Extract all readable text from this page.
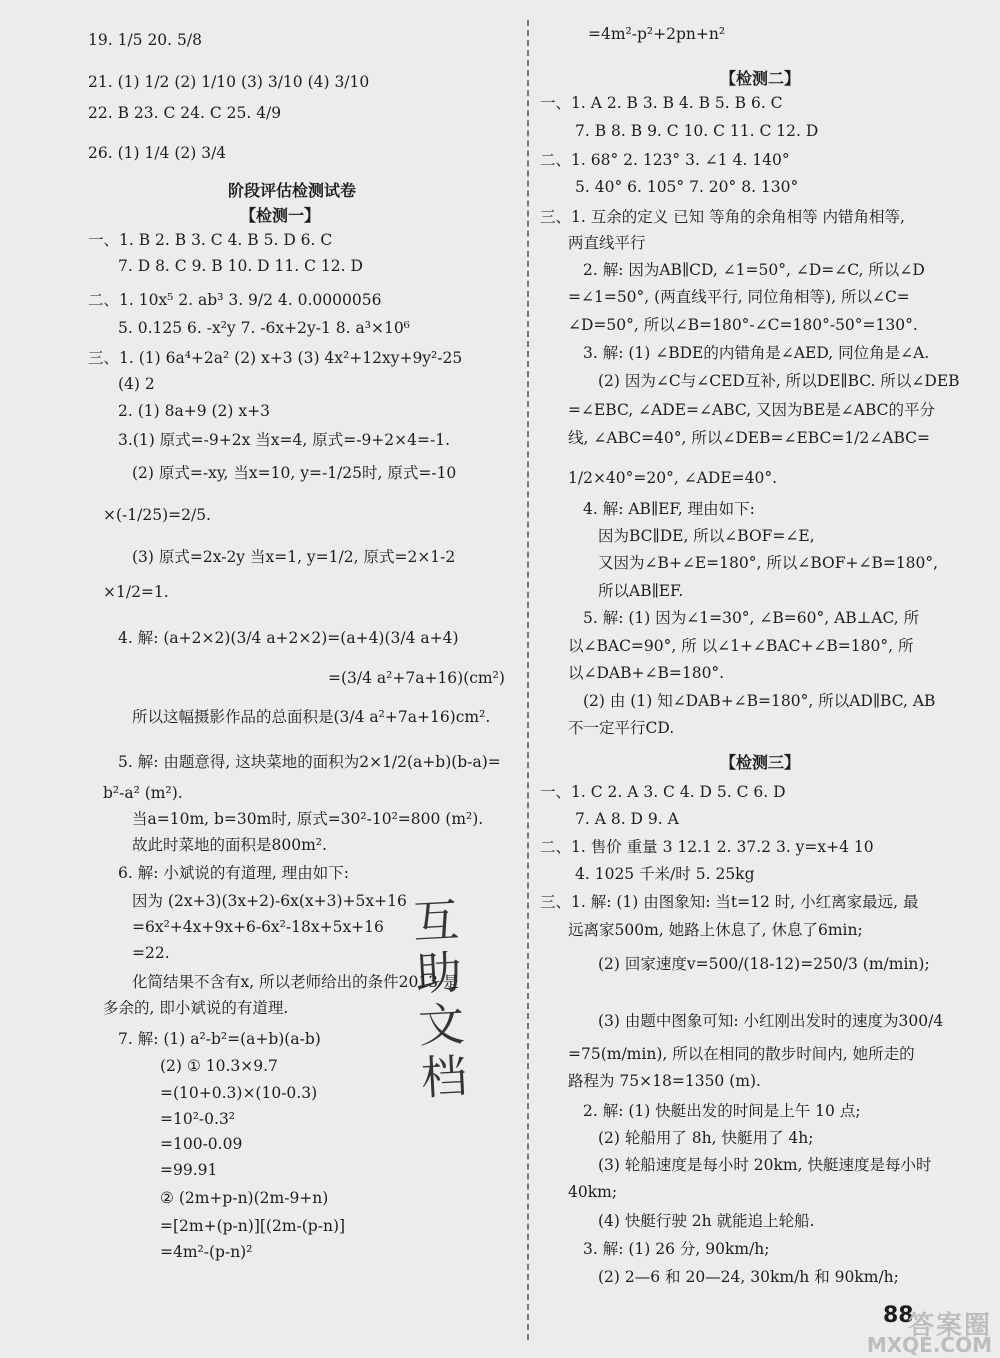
19. 1/5 20. 5/8
21. (1) 1/2 (2) 1/10 (3) 3/10 (4) 3/10
22. B 23. C 24. C 25. 4/9
26. (1) 1/4 (2) 3/4
阶段评估检测试卷
【检测一】
一、1. B 2. B 3. C 4. B 5. D 6. C
7. D 8. C 9. B 10. D 11. C 12. D
二、1. 10x⁵ 2. ab³ 3. 9/2 4. 0.0000056
5. 0.125 6. -x²y 7. -6x+2y-1 8. a³×10⁶
三、1. (1) 6a⁴+2a² (2) x+3 (3) 4x²+12xy+9y²-25
(4) 2
2. (1) 8a+9 (2) x+3
3.(1) 原式=-9+2x 当x=4, 原式=-9+2×4=-1.
(2) 原式=-xy, 当x=10, y=-1/25时, 原式=-10
×(-1/25)=2/5.
(3) 原式=2x-2y 当x=1, y=1/2, 原式=2×1-2
×1/2=1.
4. 解: (a+2×2)(3/4 a+2×2)=(a+4)(3/4 a+4)
=(3/4 a²+7a+16)(cm²)
所以这幅摄影作品的总面积是(3/4 a²+7a+16)cm².
5. 解: 由题意得, 这块菜地的面积为2×1/2(a+b)(b-a)=
b²-a² (m²).
当a=10m, b=30m时, 原式=30²-10²=800 (m²).
故此时菜地的面积是800m².
6. 解: 小斌说的有道理, 理由如下:
因为 (2x+3)(3x+2)-6x(x+3)+5x+16
=6x²+4x+9x+6-6x²-18x+5x+16
=22.
化简结果不含有x, 所以老师给出的条件2013 是
多余的, 即小斌说的有道理.
7. 解: (1) a²-b²=(a+b)(a-b)
(2) ① 10.3×9.7
=(10+0.3)×(10-0.3)
=10²-0.3²
=100-0.09
=99.91
② (2m+p-n)(2m-9+n)
=[2m+(p-n)][(2m-(p-n)]
=4m²-(p-n)²
=4m²-p²+2pn+n²
【检测二】
一、1. A 2. B 3. B 4. B 5. B 6. C
7. B 8. B 9. C 10. C 11. C 12. D
二、1. 68° 2. 123° 3. ∠1 4. 140°
5. 40° 6. 105° 7. 20° 8. 130°
三、1. 互余的定义 已知 等角的余角相等 内错角相等,
两直线平行
2. 解: 因为AB∥CD, ∠1=50°, ∠D=∠C, 所以∠D
=∠1=50°, (两直线平行, 同位角相等), 所以∠C=
∠D=50°, 所以∠B=180°-∠C=180°-50°=130°.
3. 解: (1) ∠BDE的内错角是∠AED, 同位角是∠A.
(2) 因为∠C与∠CED互补, 所以DE∥BC. 所以∠DEB
=∠EBC, ∠ADE=∠ABC, 又因为BE是∠ABC的平分
线, ∠ABC=40°, 所以∠DEB=∠EBC=1/2∠ABC=
1/2×40°=20°, ∠ADE=40°.
4. 解: AB∥EF, 理由如下:
因为BC∥DE, 所以∠BOF=∠E,
又因为∠B+∠E=180°, 所以∠BOF+∠B=180°,
所以AB∥EF.
5. 解: (1) 因为∠1=30°, ∠B=60°, AB⊥AC, 所
以∠BAC=90°, 所 以∠1+∠BAC+∠B=180°, 所
以∠DAB+∠B=180°.
(2) 由 (1) 知∠DAB+∠B=180°, 所以AD∥BC, AB
不一定平行CD.
【检测三】
一、1. C 2. A 3. C 4. D 5. C 6. D
7. A 8. D 9. A
二、1. 售价 重量 3 12.1 2. 37.2 3. y=x+4 10
4. 1025 千米/时 5. 25kg
三、1. 解: (1) 由图象知: 当t=12 时, 小红离家最远, 最
远离家500m, 她路上休息了, 休息了6min;
(2) 回家速度v=500/(18-12)=250/3 (m/min);
(3) 由题中图象可知: 小红刚出发时的速度为300/4
=75(m/min), 所以在相同的散步时间内, 她所走的
路程为 75×18=1350 (m).
2. 解: (1) 快艇出发的时间是上午 10 点;
(2) 轮船用了 8h, 快艇用了 4h;
(3) 轮船速度是每小时 20km, 快艇速度是每小时
40km;
(4) 快艇行驶 2h 就能追上轮船.
3. 解: (1) 26 分, 90km/h;
(2) 2—6 和 20—24, 30km/h 和 90km/h;
互
助
文
档
88
答案圈
MXQE.COM
